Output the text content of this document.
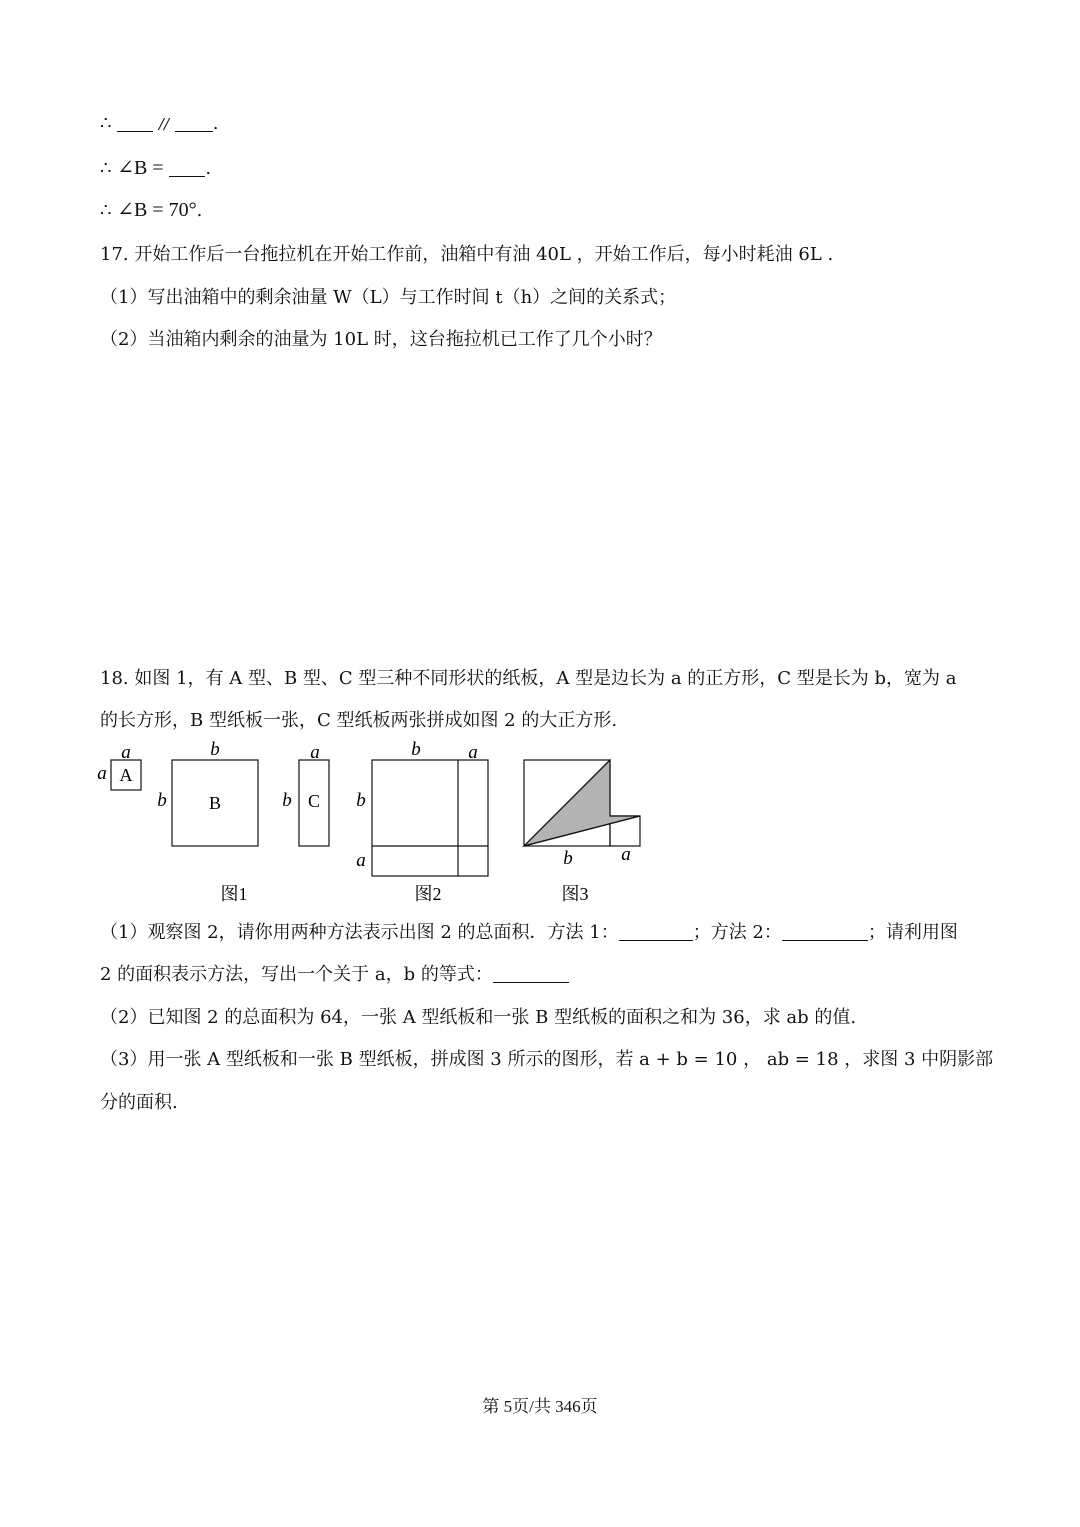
∴	// .
∴ ∠B = .
∴ ∠B = 70°.
17. 开始工作后一台拖拉机在开始工作前，油箱中有油 40L ，开始工作后，每小时耗油 6L .
（1）写出油箱中的剩余油量 W（L）与工作时间 t（h）之间的关系式；
（2）当油箱内剩余的油量为 10L 时，这台拖拉机已工作了几个小时？
18. 如图 1，有 A 型、B 型、C 型三种不同形状的纸板，A 型是边长为 a 的正方形，C 型是长为 b，宽为 a
的长方形，B 型纸板一张，C 型纸板两张拼成如图 2 的大正方形.
a
a A
b
b B
a
b C
b	a
b
a	b	a
图1	图2	图3
（1）观察图 2，请你用两种方法表示出图 2 的总面积．方法 1：	；方法 2：	；请利用图
2 的面积表示方法，写出一个关于 a，b 的等式：
（2）已知图 2 的总面积为 64，一张 A 型纸板和一张 B 型纸板的面积之和为 36，求 ab 的值.
（3）用一张 A 型纸板和一张 B 型纸板，拼成图 3 所示的图形，若 a + b = 10 ， ab = 18 ，求图 3 中阴影部
分的面积.
第 5页/共 346页
